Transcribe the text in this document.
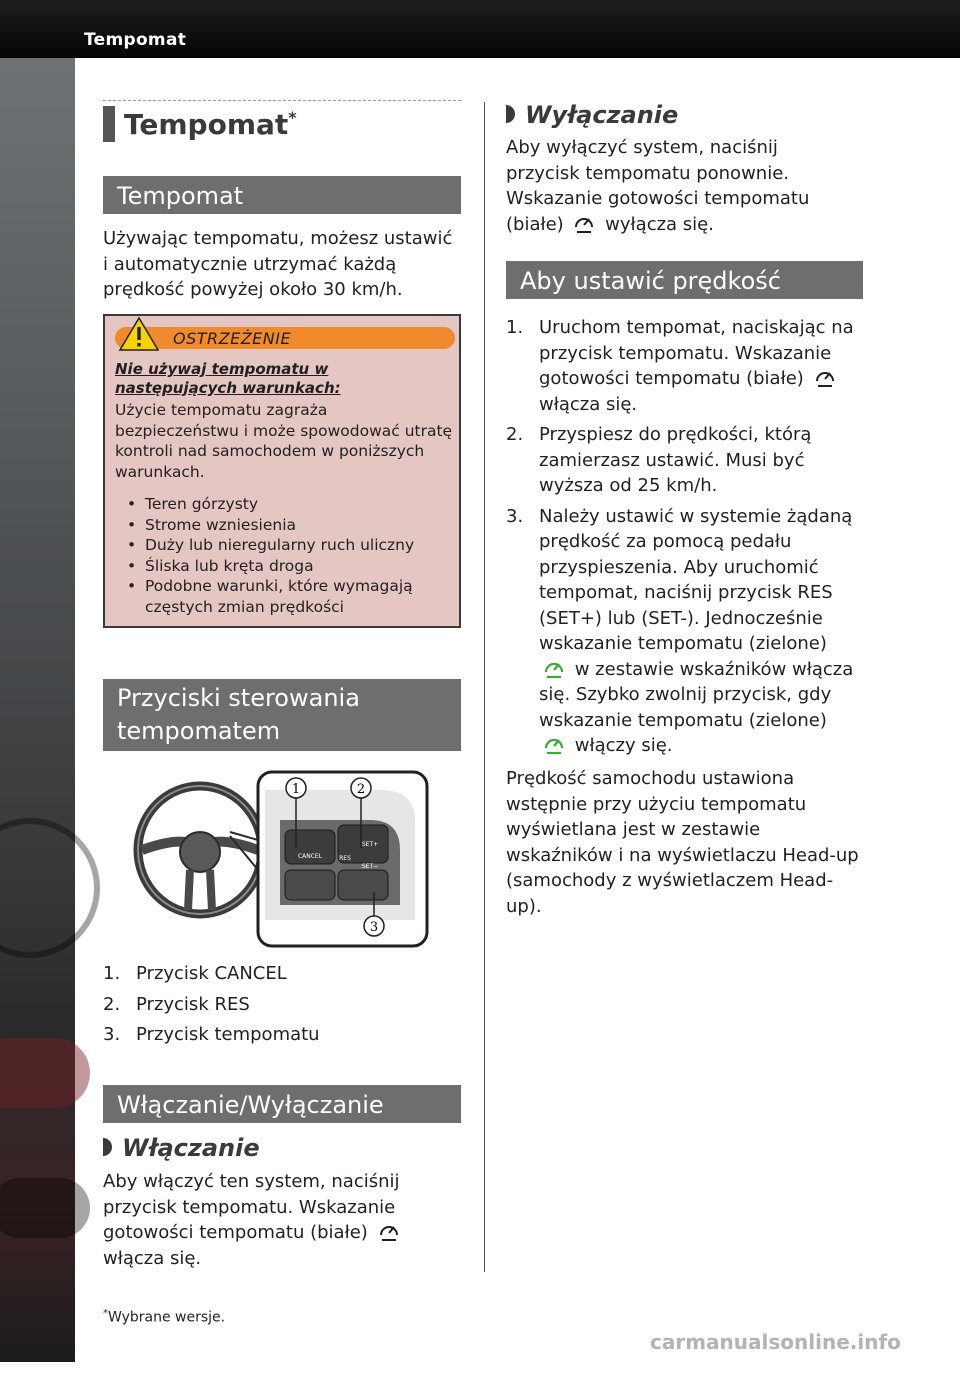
Tempomat
4-92
Tempomat*
Tempomat
Używając tempomatu, możesz ustawić i automatycznie utrzymać każdą prędkość powyżej około 30 km/h.
OSTRZEŻENIE
Nie używaj tempomatu w następujących warunkach:
Użycie tempomatu zagraża bezpieczeństwu i może spowodować utratę kontroli nad samochodem w poniższych warunkach.
• Teren górzysty
• Strome wzniesienia
• Duży lub nieregularny ruch uliczny
• Śliska lub kręta droga
• Podobne warunki, które wymagają częstych zmian prędkości
Przyciski sterowania tempomatem
CANCEL	RES
SET+
SET−
1	2
3
1. Przycisk CANCEL
2. Przycisk RES
3. Przycisk tempomatu
Włączanie/Wyłączanie
Włączanie
Aby włączyć ten system, naciśnij przycisk tempomatu. Wskazanie gotowości tempomatu (białe)
włącza się.
*Wybrane wersje.
Wyłączanie
Aby wyłączyć system, naciśnij przycisk tempomatu ponownie. Wskazanie gotowości tempomatu (białe) wyłącza się.
Aby ustawić prędkość
1. Uruchom tempomat, naciskając na przycisk tempomatu. Wskazanie gotowości tempomatu (białe)  włącza się.
2. Przyspiesz do prędkości, którą zamierzasz ustawić. Musi być wyższa od 25 km/h.
3. Należy ustawić w systemie żądaną prędkość za pomocą pedału przyspieszenia. Aby uruchomić tempomat, naciśnij przycisk RES (SET+) lub (SET-). Jednocześnie wskazanie tempomatu (zielone)  w zestawie wskaźników włącza się. Szybko zwolnij przycisk, gdy wskazanie tempomatu (zielone)  włączy się.
Prędkość samochodu ustawiona wstępnie przy użyciu tempomatu wyświetlana jest w zestawie wskaźników i na wyświetlaczu Head-up (samochody z wyświetlaczem Head-up).
carmanualsonline.info
